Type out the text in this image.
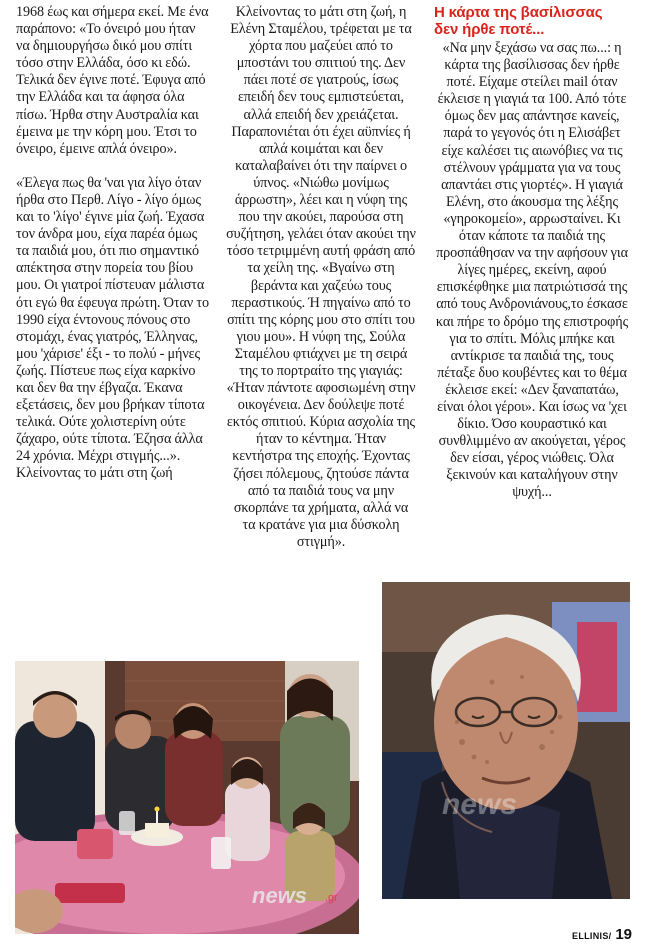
1968 έως και σήμερα εκεί. Με ένα παράπονο: «Το όνειρό μου ήταν να δημιουργήσω δικό μου σπίτι τόσο στην Ελλάδα, όσο κι εδώ. Τελικά δεν έγινε ποτέ. Έφυγα από την Ελλάδα και τα άφησα όλα πίσω. Ήρθα στην Αυστραλία και έμεινα με την κόρη μου. Έτσι το όνειρο, έμεινε απλά όνειρο».

«Έλεγα πως θα 'ναι για λίγο όταν ήρθα στο Περθ. Λίγο - λίγο όμως και το 'λίγο' έγινε μία ζωή. Έχασα τον άνδρα μου, είχα παρέα όμως τα παιδιά μου, ότι πιο σημαντικό απέκτησα στην πορεία του βίου μου. Οι γιατροί πίστευαν μάλιστα ότι εγώ θα έφευγα πρώτη. Όταν το 1990 είχα έντονους πόνους στο στομάχι, ένας γιατρός, Έλληνας, μου 'χάρισε' έξι - το πολύ - μήνες ζωής. Πίστευε πως είχα καρκίνο και δεν θα την έβγαζα. Έκανα εξετάσεις, δεν μου βρήκαν τίποτα τελικά. Ούτε χολιστερίνη ούτε ζάχαρο, ούτε τίποτα. Έζησα άλλα 24 χρόνια. Μέχρι στιγμής...». Κλείνοντας το μάτι στη ζωή

Κλείνοντας το μάτι στη ζωή, η Ελένη Σταμέλου, τρέφεται με τα χόρτα που μαζεύει από το μποστάνι του σπιτιού της. Δεν πάει ποτέ σε γιατρούς, ίσως επειδή δεν τους εμπιστεύεται, αλλά επειδή δεν χρειάζεται. Παραπονιέται ότι έχει αϋπνίες ή απλά κοιμάται και δεν καταλαβαίνει ότι την παίρνει ο ύπνος. «Νιώθω μονίμως άρρωστη», λέει και η νύφη της που την ακούει, παρούσα στη συζήτηση, γελάει όταν ακούει την τόσο τετριμμένη αυτή φράση από τα χείλη της. «Βγαίνω στη βεράντα και χαζεύω τους περαστικούς. Ή πηγαίνω από το σπίτι της κόρης μου στο σπίτι του γιου μου». Η νύφη της, Σούλα Σταμέλου φτιάχνει με τη σειρά της το πορτραίτο της γιαγιάς: «Ήταν πάντοτε αφοσιωμένη στην οικογένεια. Δεν δούλεψε ποτέ εκτός σπιτιού. Κύρια ασχολία της ήταν το κέντημα. Ήταν κεντήστρα της εποχής. Έχοντας ζήσει πόλεμους, ζητούσε πάντα από τα παιδιά τους να μην σκορπάνε τα χρήματα, αλλά να τα κρατάνε για μια δύσκολη στιγμή».

Η κάρτα της βασίλισσας
δεν ήρθε ποτέ...

«Να μην ξεχάσω να σας πω...: η κάρτα της βασίλισσας δεν ήρθε ποτέ. Είχαμε στείλει mail όταν έκλεισε η γιαγιά τα 100. Από τότε όμως δεν μας απάντησε κανείς, παρά το γεγονός ότι η Ελισάβετ είχε καλέσει τις αιωνόβιες να τις στέλνουν γράμματα για να τους απαντάει στις γιορτές». Η γιαγιά Ελένη, στο άκουσμα της λέξης «γηροκομείο», αρρωσταίνει. Κι όταν κάποτε τα παιδιά της προσπάθησαν να την αφήσουν για λίγες ημέρες, εκείνη, αφού επισκέφθηκε μια πατριώτισσά της από τους Ανδρονιάνους,το έσκασε και πήρε το δρόμο της επιστροφής για το σπίτι. Μόλις μπήκε και αντίκρισε τα παιδιά της, τους πέταξε δυο κουβέντες και το θέμα έκλεισε εκεί: «Δεν ξαναπατάω, είναι όλοι γέροι». Και ίσως να 'χει δίκιο. Όσο κουραστικό και συνθλιμμένο αν ακούγεται, γέρος δεν είσαι, γέρος νιώθεις. Όλα ξεκινούν και καταλήγουν στην ψυχή...

news .gr
news
ELLINIS/ 19
